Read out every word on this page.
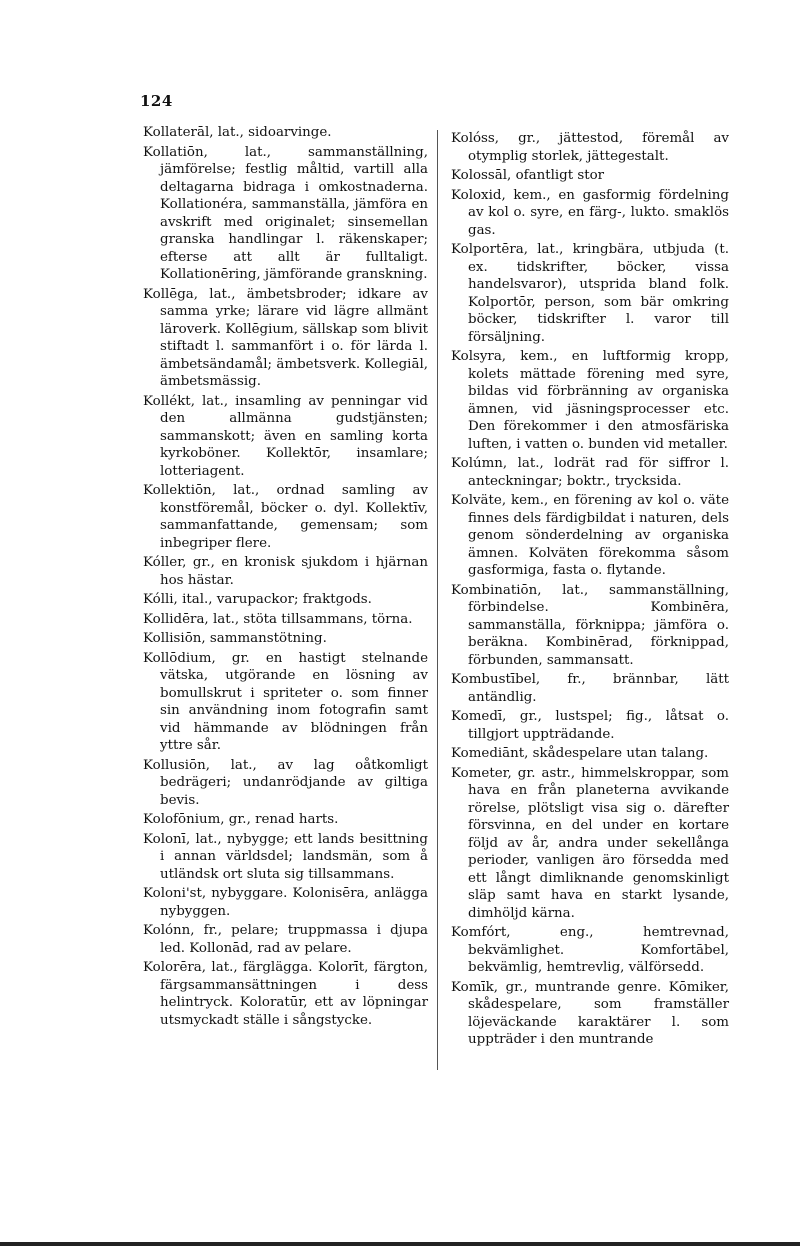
124

Kollaterāl, lat., sidoarvinge.

Kollatiōn, lat., sammanställning, jämförelse; festlig måltid, vartill alla deltagarna bidraga i omkostnaderna. Kollationéra, sammanställa, jämföra en avskrift med originalet; sinsemellan granska handlingar l. räkenskaper; efterse att allt är fulltaligt. Kollationēring, jämförande granskning.

Kollēga, lat., ämbetsbroder; idkare av samma yrke; lärare vid lägre allmänt läroverk. Kollēgium, sällskap som blivit stiftadt l. sammanfört i o. för lärda l. ämbetsändamål; ämbetsverk. Kollegiāl, ämbetsmässig.

Kollékt, lat., insamling av penningar vid den allmänna gudstjänsten; sammanskott; även en samling korta kyrkoböner. Kollektōr, insamlare; lotteriagent.

Kollektiōn, lat., ordnad samling av konstföremål, böcker o. dyl. Kollektīv, sammanfattande, gemensam; som inbegriper flere.

Kóller, gr., en kronisk sjukdom i hjärnan hos hästar.

Kólli, ital., varupackor; fraktgods.

Kollidēra, lat., stöta tillsammans, törna.

Kollisiōn, sammanstötning.

Kollōdium, gr. en hastigt stelnande vätska, utgörande en lösning av bomullskrut i spriteter o. som finner sin användning inom fotografin samt vid hämmande av blödningen från yttre sår.

Kollusiōn, lat., av lag oåtkomligt bedrägeri; undanrödjande av giltiga bevis.

Kolofōnium, gr., renad harts.

Kolonī, lat., nybygge; ett lands besittning i annan världsdel; landsmän, som å utländsk ort sluta sig tillsammans.

Koloni'st, nybyggare. Kolonisēra, anlägga nybyggen.

Kolónn, fr., pelare; truppmassa i djupa led. Kollonād, rad av pelare.

Kolorēra, lat., färglägga. Kolorīt, färgton, färgsammansättningen i dess helintryck. Koloratūr, ett av löpningar utsmyckadt ställe i sångstycke.

Kolóss, gr., jättestod, föremål av otymplig storlek, jättegestalt.

Kolossāl, ofantligt stor

Koloxid, kem., en gasformig fördelning av kol o. syre, en färg-, luktо. smaklös gas.

Kolportēra, lat., kringbära, utbjuda (t. ex. tidskrifter, böcker, vissa handelsvaror), utsprida bland folk. Kolportōr, person, som bär omkring böcker, tidskrifter l. varor till försäljning.

Kolsyra, kem., en luftformig kropp, kolets mättade förening med syre, bildas vid förbränning av organiska ämnen, vid jäsningsprocesser etc. Den förekommer i den atmosfäriska luften, i vatten o. bunden vid metaller.

Kolúmn, lat., lodrät rad för siffror l. anteckningar; boktr., trycksida.

Kolväte, kem., en förening av kol o. väte finnes dels färdigbildat i naturen, dels genom sönderdelning av organiska ämnen. Kolväten förekomma såsom gasformiga, fasta o. flytande.

Kombinatiōn, lat., sammanställning, förbindelse. Kombinēra, sammanställa, förknippa; jämföra o. beräkna. Kombinērad, förknippad, förbunden, sammansatt.

Kombustībel, fr., brännbar, lätt antändlig.

Komedī, gr., lustspel; fig., låtsat o. tillgjort uppträdande.

Komediānt, skådespelare utan talang.

Kometer, gr. astr., himmelskroppar, som hava en från planeterna avvikande rörelse, plötsligt visa sig o. därefter försvinna, en del under en kortare följd av år, andra under sekellånga perioder, vanligen äro försedda med ett långt dimliknande genomskinligt släp samt hava en starkt lysande, dimhöljd kärna.

Komfórt, eng., hemtrevnad, bekvämlighet. Komfortābel, bekvämlig, hemtrevlig, välförsedd.

Komīk, gr., muntrande genre. Kōmiker, skådespelare, som framställer löjeväckande karaktärer l. som uppträder i den muntrande
